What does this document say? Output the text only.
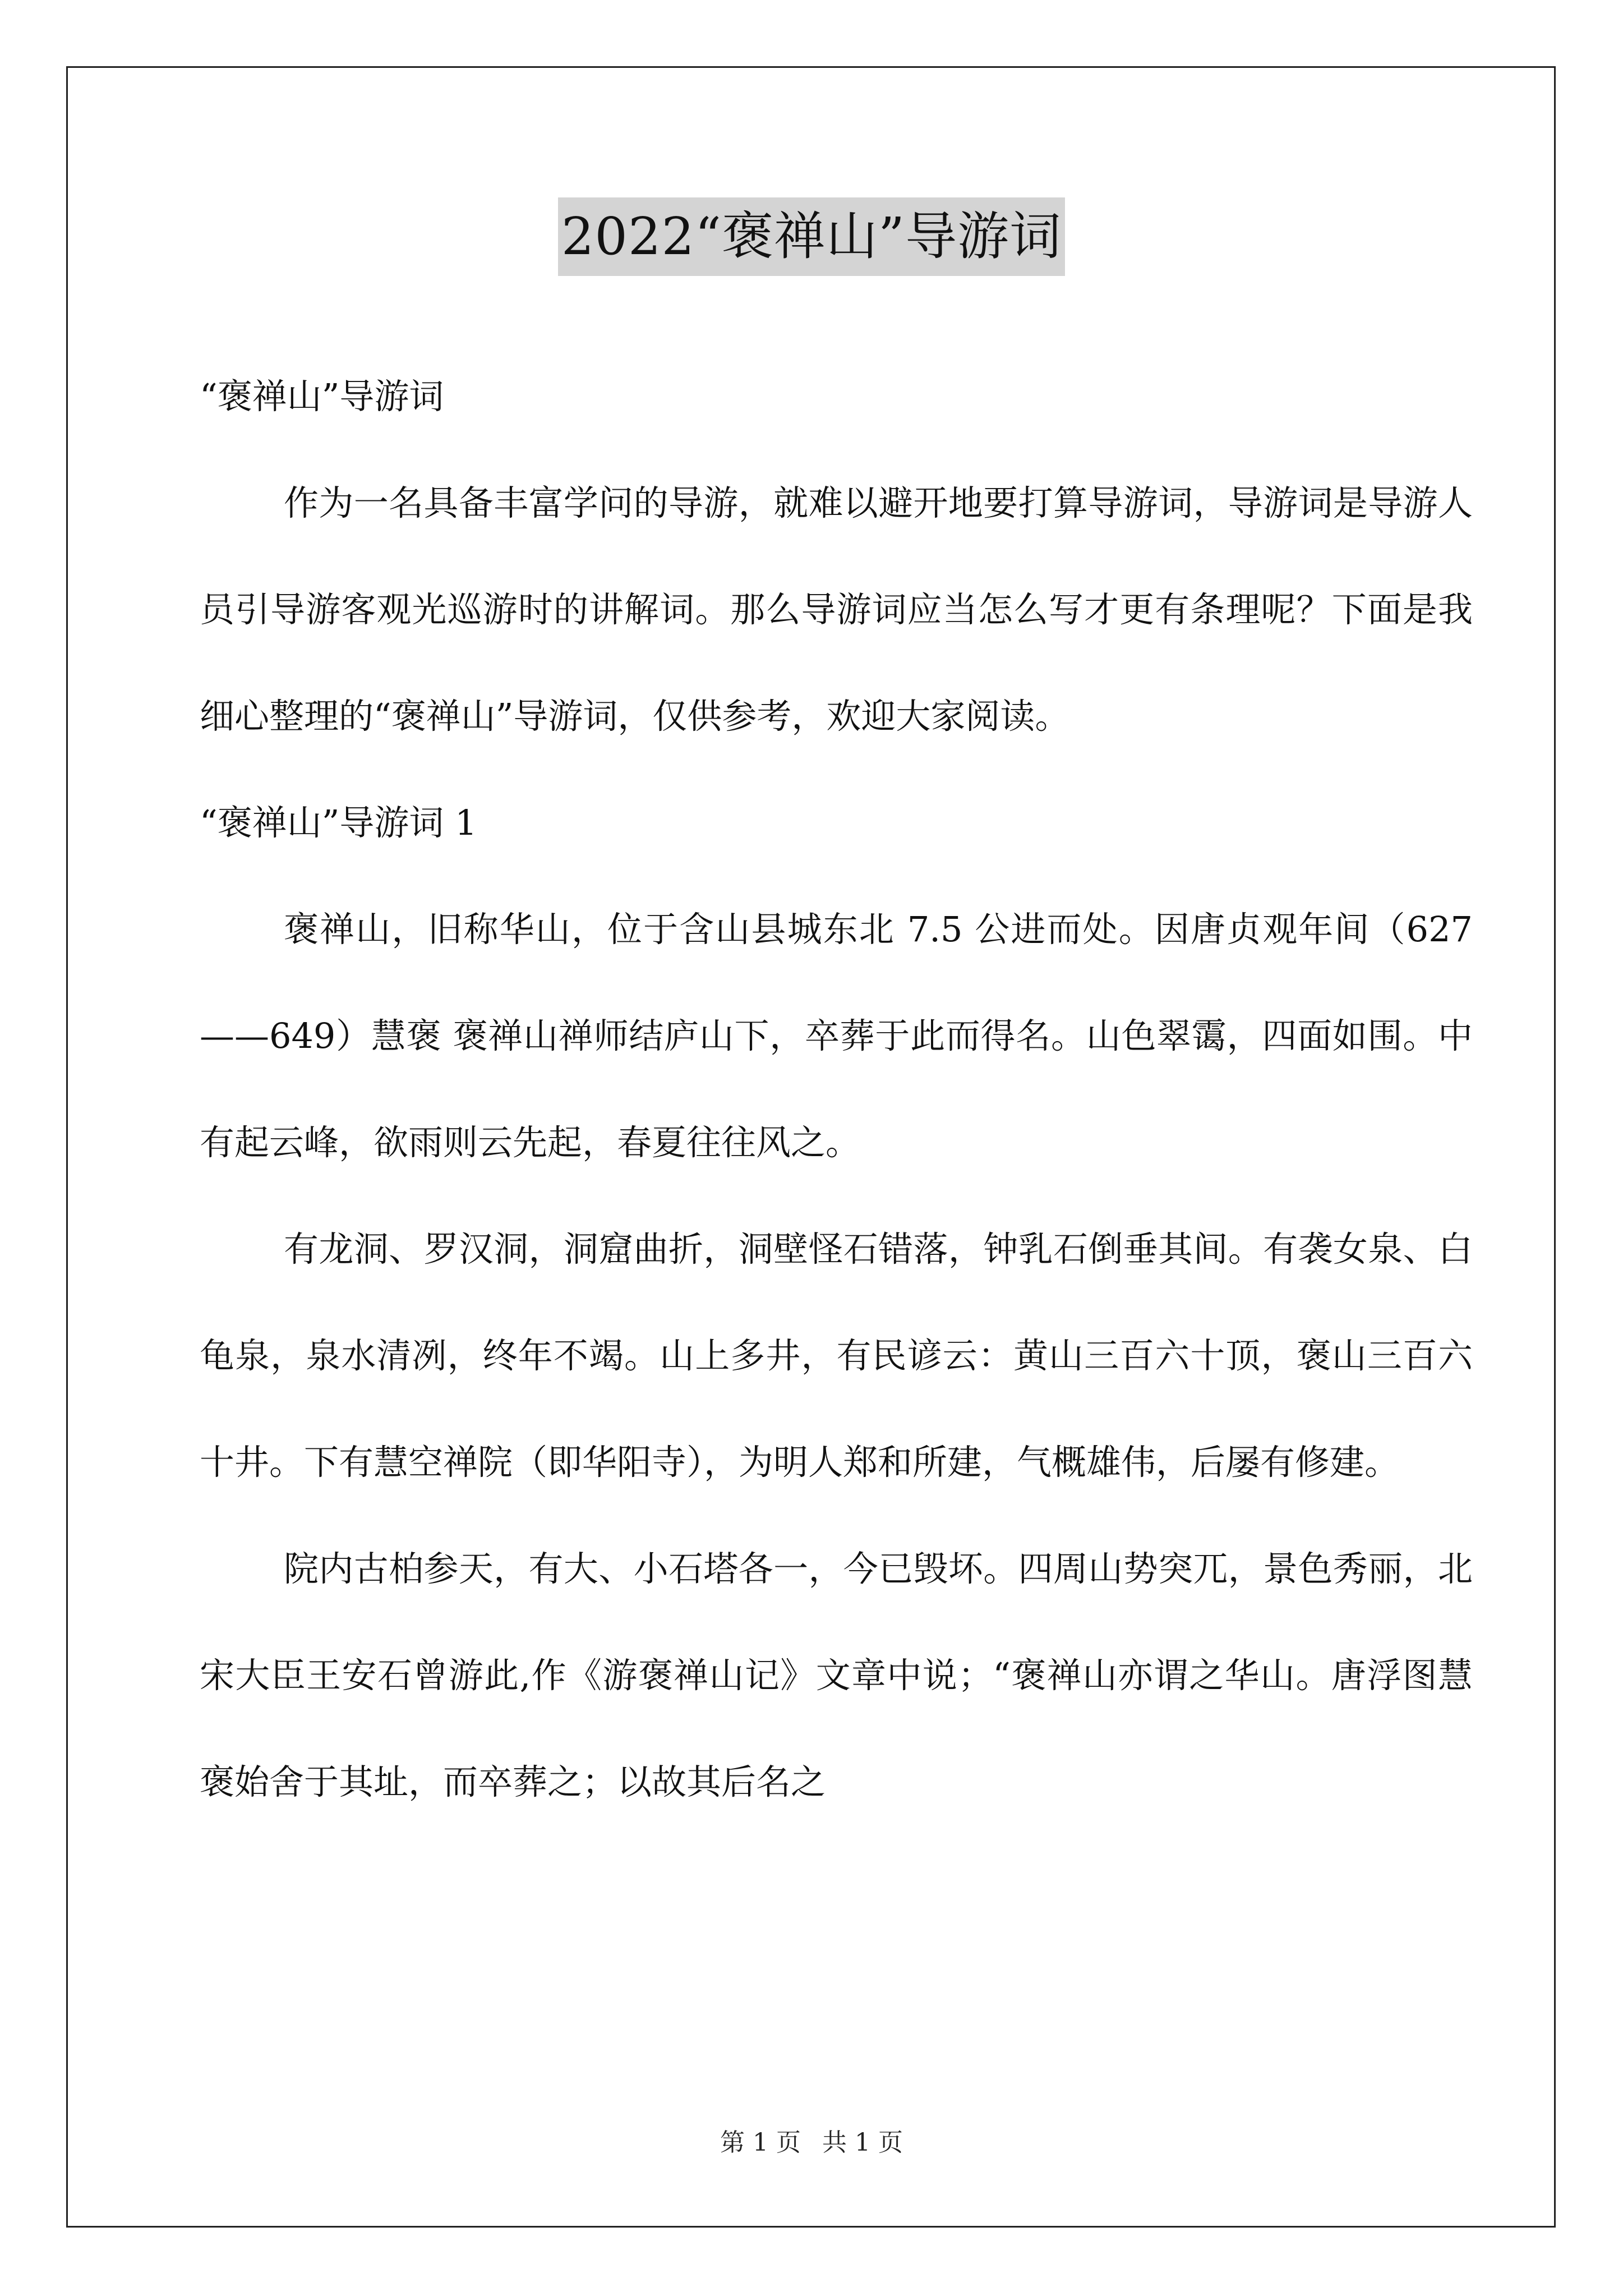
2022“褒禅山”导游词

“褒禅山”导游词

作为一名具备丰富学问的导游，就难以避开地要打算导游词，导游词是导游人员引导游客观光巡游时的讲解词。那么导游词应当怎么写才更有条理呢？下面是我细心整理的“褒禅山”导游词，仅供参考，欢迎大家阅读。

“褒禅山”导游词 1

褒禅山，旧称华山，位于含山县城东北 7.5 公进而处。因唐贞观年间（627——649）慧褒 褒禅山禅师结庐山下，卒葬于此而得名。山色翠霭，四面如围。中有起云峰，欲雨则云先起，春夏往往风之。

有龙洞、罗汉洞，洞窟曲折，洞壁怪石错落，钟乳石倒垂其间。有袭女泉、白龟泉，泉水清冽，终年不竭。山上多井，有民谚云：黄山三百六十顶，褒山三百六十井。下有慧空禅院（即华阳寺），为明人郑和所建，气概雄伟，后屡有修建。

院内古柏参天，有大、小石塔各一，今已毁坏。四周山势突兀，景色秀丽，北宋大臣王安石曾游此,作《游褒禅山记》文章中说；“褒禅山亦谓之华山。唐浮图慧褒始舍于其址，而卒葬之；以故其后名之

第 1 页 共 1 页
